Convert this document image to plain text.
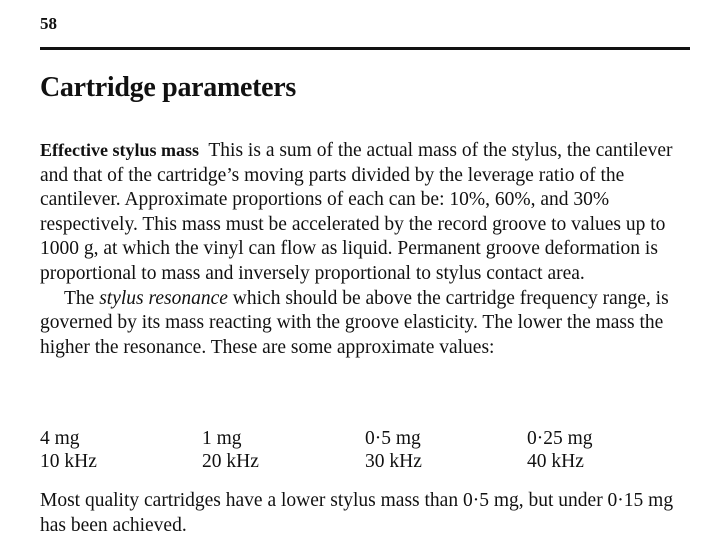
58
Cartridge parameters

Effective stylus mass This is a sum of the actual mass of the stylus, the cantilever and that of the cartridge’s moving parts divided by the leverage ratio of the cantilever. Approximate proportions of each can be: 10%, 60%, and 30% respectively. This mass must be accelerated by the record groove to values up to 1000 g, at which the vinyl can flow as liquid. Permanent groove deformation is proportional to mass and inversely proportional to stylus contact area.

The stylus resonance which should be above the cartridge frequency range, is governed by its mass reacting with the groove elasticity. The lower the mass the higher the resonance. These are some approximate values:

4 mg	1 mg	0·5 mg	0·25 mg
10 kHz	20 kHz	30 kHz	40 kHz

Most quality cartridges have a lower stylus mass than 0·5 mg, but under 0·15 mg has been achieved.
